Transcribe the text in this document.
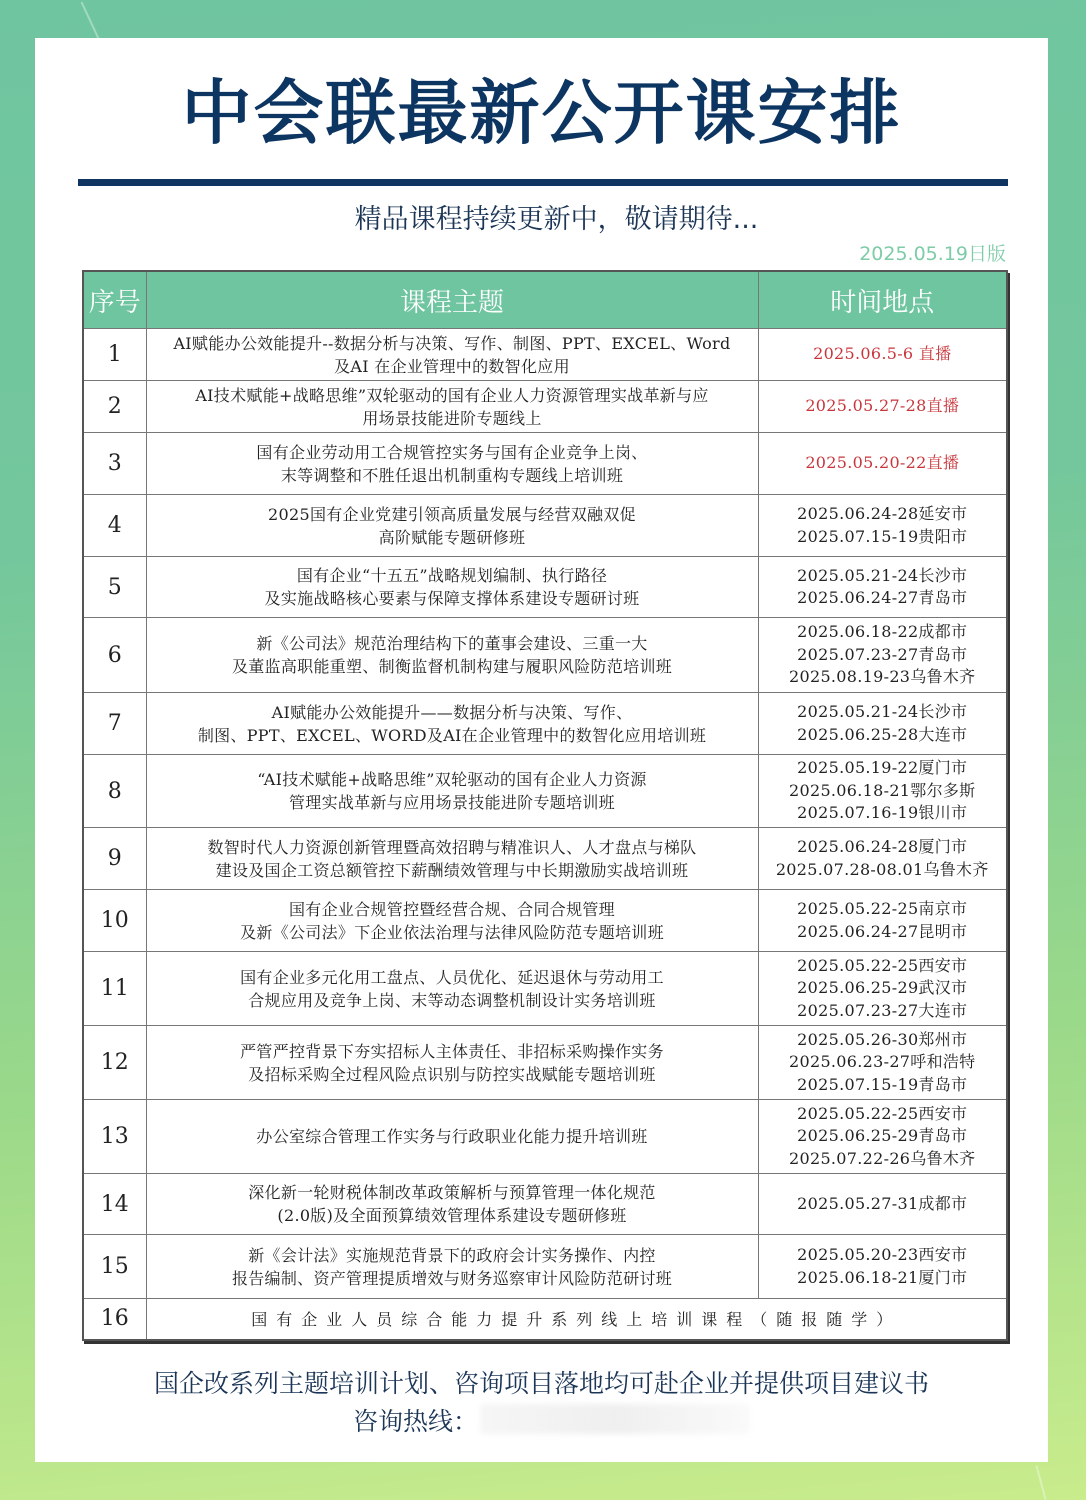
中会联最新公开课安排
精品课程持续更新中，敬请期待...
2025.05.19日版
序号	课程主题	时间地点
1	AI赋能办公效能提升--数据分析与决策、写作、制图、PPT、EXCEL、Word
及AI 在企业管理中的数智化应用	2025.06.5-6 直播

2	AI技术赋能+战略思维”双轮驱动的国有企业人力资源管理实战革新与应
用场景技能进阶专题线上	2025.05.27-28直播

3	国有企业劳动用工合规管控实务与国有企业竞争上岗、
末等调整和不胜任退出机制重构专题线上培训班	2025.05.20-22直播

4	2025国有企业党建引领高质量发展与经营双融双促
高阶赋能专题研修班	2025.06.24-28延安市
2025.07.15-19贵阳市

5	国有企业“十五五”战略规划编制、执行路径
及实施战略核心要素与保障支撑体系建设专题研讨班	2025.05.21-24长沙市
2025.06.24-27青岛市

6	新《公司法》规范治理结构下的董事会建设、三重一大
及董监高职能重塑、制衡监督机制构建与履职风险防范培训班	2025.06.18-22成都市
2025.07.23-27青岛市
2025.08.19-23乌鲁木齐

7	AI赋能办公效能提升——数据分析与决策、写作、
制图、PPT、EXCEL、WORD及AI在企业管理中的数智化应用培训班	2025.05.21-24长沙市
2025.06.25-28大连市

8	“AI技术赋能+战略思维”双轮驱动的国有企业人力资源
管理实战革新与应用场景技能进阶专题培训班	2025.05.19-22厦门市
2025.06.18-21鄂尔多斯
2025.07.16-19银川市

9	数智时代人力资源创新管理暨高效招聘与精准识人、人才盘点与梯队
建设及国企工资总额管控下薪酬绩效管理与中长期激励实战培训班	2025.06.24-28厦门市
2025.07.28-08.01乌鲁木齐

10	国有企业合规管控暨经营合规、合同合规管理
及新《公司法》下企业依法治理与法律风险防范专题培训班	2025.05.22-25南京市
2025.06.24-27昆明市

11	国有企业多元化用工盘点、人员优化、延迟退休与劳动用工
合规应用及竞争上岗、末等动态调整机制设计实务培训班	2025.05.22-25西安市
2025.06.25-29武汉市
2025.07.23-27大连市

12	严管严控背景下夯实招标人主体责任、非招标采购操作实务
及招标采购全过程风险点识别与防控实战赋能专题培训班	2025.05.26-30郑州市
2025.06.23-27呼和浩特
2025.07.15-19青岛市

13	办公室综合管理工作实务与行政职业化能力提升培训班	2025.05.22-25西安市
2025.06.25-29青岛市
2025.07.22-26乌鲁木齐

14	深化新一轮财税体制改革政策解析与预算管理一体化规范
(2.0版)及全面预算绩效管理体系建设专题研修班	2025.05.27-31成都市

15	新《会计法》实施规范背景下的政府会计实务操作、内控
报告编制、资产管理提质增效与财务巡察审计风险防范研讨班	2025.05.20-23西安市
2025.06.18-21厦门市

16	国有企业人员综合能力提升系列线上培训课程（随报随学）	
国企改系列主题培训计划、咨询项目落地均可赴企业并提供项目建议书
咨询热线：
